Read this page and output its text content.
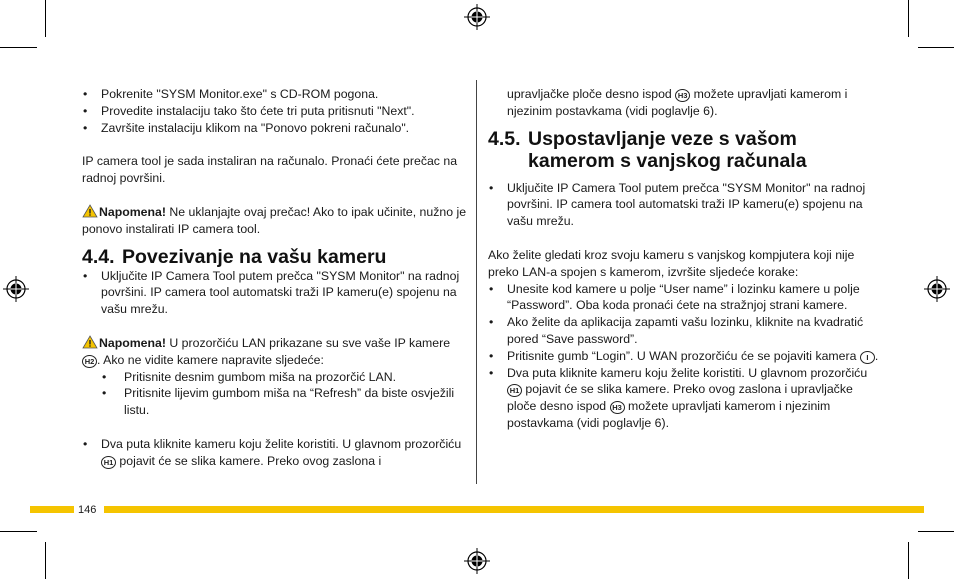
• Pokrenite "SYSM Monitor.exe" s CD-ROM pogona.
• Provedite instalaciju tako što ćete tri puta pritisnuti "Next".
• Završite instalaciju klikom na "Ponovo pokreni računalo".

IP camera tool je sada instaliran na računalo. Pronaći ćete prečac na radnoj površini.

Napomena! Ne uklanjajte ovaj prečac! Ako to ipak učinite, nužno je ponovo instalirati IP camera tool.

4.4. Povezivanje na vašu kameru
• Uključite IP Camera Tool putem prečca "SYSM Monitor" na radnoj površini. IP camera tool automatski traži IP kameru(e) spojenu na vašu mrežu.

Napomena! U prozorčiću LAN prikazane su sve vaše IP kamere H2 . Ako ne vidite kamere napravite sljedeće:

• Pritisnite desnim gumbom miša na prozorčić LAN.
• Pritisnite lijevim gumbom miša na “Refresh” da biste osvježili listu.
• Dva puta kliknite kameru koju želite koristiti. U glavnom prozorčiću H1 pojavit će se slika kamere. Preko ovog zaslona i

upravljačke ploče desno ispod H3 možete upravljati kamerom i njezinim postavkama (vidi poglavlje 6).

4.5. Uspostavljanje veze s vašom kamerom s vanjskog računala
• Uključite IP Camera Tool putem prečca "SYSM Monitor" na radnoj površini. IP camera tool automatski traži IP kameru(e) spojenu na vašu mrežu.

Ako želite gledati kroz svoju kameru s vanjskog kompjutera koji nije preko LAN-a spojen s kamerom, izvršite sljedeće korake:

• Unesite kod kamere u polje “User name” i lozinku kamere u polje “Password”. Oba koda pronaći ćete na stražnjoj strani kamere.
• Ako želite da aplikacija zapamti vašu lozinku, kliknite na kvadratić pored “Save password”.
• Pritisnite gumb “Login”. U WAN prozorčiću će se pojaviti kamera I .
• Dva puta kliknite kameru koju želite koristiti. U glavnom prozorčiću H1 pojavit će se slika kamere. Preko ovog zaslona i upravljačke ploče desno ispod H3 možete upravljati kamerom i njezinim postavkama (vidi poglavlje 6).
146
